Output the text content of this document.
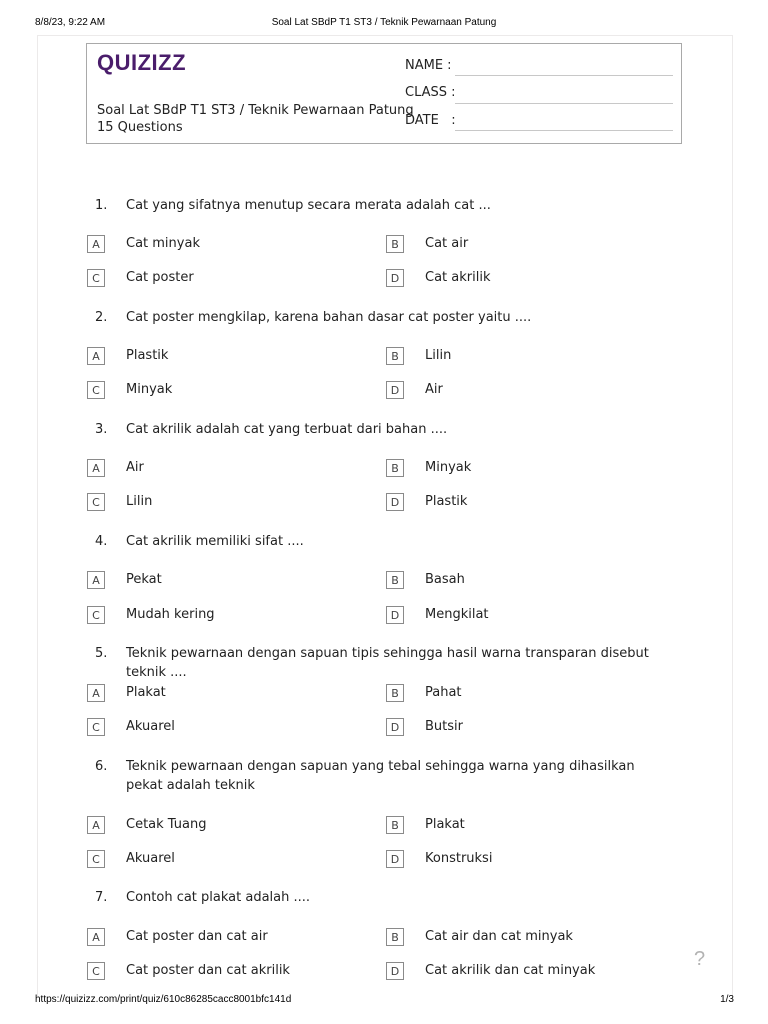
8/8/23, 9:22 AM	Soal Lat SBdP T1 ST3 / Teknik Pewarnaan Patung
QUIZIZZ
Soal Lat SBdP T1 ST3 / Teknik Pewarnaan Patung
15 Questions
NAME :
CLASS :
DATE   :
1. Cat yang sifatnya menutup secara merata adalah cat ...
A	Cat minyak	B	Cat air
C	Cat poster	D	Cat akrilik
2. Cat poster mengkilap, karena bahan dasar cat poster yaitu ....
A	Plastik	B	Lilin
C	Minyak	D	Air
3. Cat akrilik adalah cat yang terbuat dari bahan ....
A	Air	B	Minyak
C	Lilin	D	Plastik
4. Cat akrilik memiliki sifat ....
A	Pekat	B	Basah
C	Mudah kering	D	Mengkilat
5. Teknik pewarnaan dengan sapuan tipis sehingga hasil warna transparan disebut teknik ....
A	Plakat	B	Pahat
C	Akuarel	D	Butsir
6. Teknik pewarnaan dengan sapuan yang tebal sehingga warna yang dihasilkan pekat adalah teknik
A	Cetak Tuang	B	Plakat
C	Akuarel	D	Konstruksi
7. Contoh cat plakat adalah ....
A	Cat poster dan cat air	B	Cat air dan cat minyak
C	Cat poster dan cat akrilik	D	Cat akrilik dan cat minyak
?
https://quizizz.com/print/quiz/610c86285cacc8001bfc141d	1/3
